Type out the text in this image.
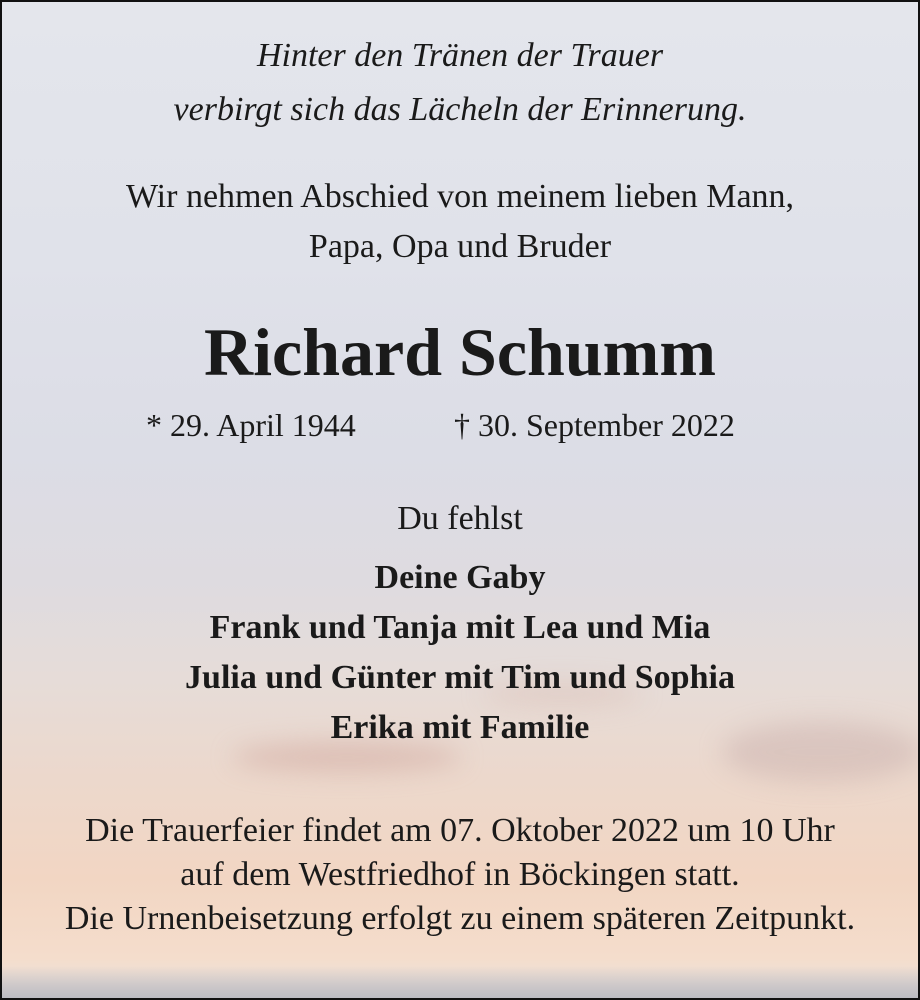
Hinter den Tränen der Trauer

verbirgt sich das Lächeln der Erinnerung.

Wir nehmen Abschied von meinem lieben Mann,

Papa, Opa und Bruder

Richard Schumm
* 29. April 1944	† 30. September 2022

Du fehlst

Deine Gaby

Frank und Tanja mit Lea und Mia

Julia und Günter mit Tim und Sophia

Erika mit Familie

Die Trauerfeier findet am 07. Oktober 2022 um 10 Uhr

auf dem Westfriedhof in Böckingen statt.

Die Urnenbeisetzung erfolgt zu einem späteren Zeitpunkt.
